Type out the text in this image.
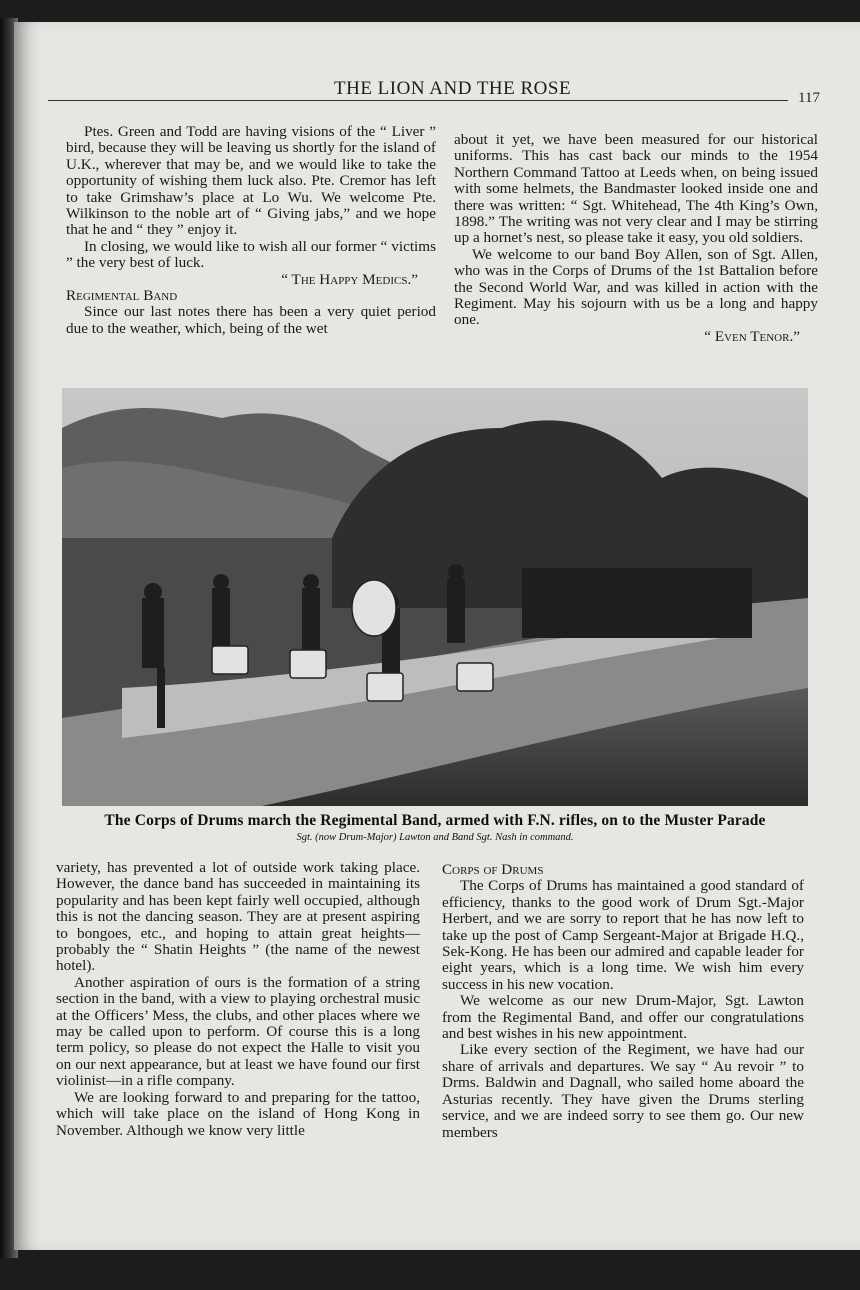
THE LION AND THE ROSE	117

Ptes. Green and Todd are having visions of the “ Liver ” bird, because they will be leaving us shortly for the island of U.K., wherever that may be, and we would like to take the opportunity of wishing them luck also. Pte. Cremor has left to take Grimshaw’s place at Lo Wu. We welcome Pte. Wilkinson to the noble art of “ Giving jabs,” and we hope that he and “ they ” enjoy it.

In closing, we would like to wish all our former “ victims ” the very best of luck.

“ The Happy Medics.”

Regimental Band

Since our last notes there has been a very quiet period due to the weather, which, being of the wet

about it yet, we have been measured for our historical uniforms. This has cast back our minds to the 1954 Northern Command Tattoo at Leeds when, on being issued with some helmets, the Bandmaster looked inside one and there was written: “ Sgt. Whitehead, The 4th King’s Own, 1898.” The writing was not very clear and I may be stirring up a hornet’s nest, so please take it easy, you old soldiers.

We welcome to our band Boy Allen, son of Sgt. Allen, who was in the Corps of Drums of the 1st Battalion before the Second World War, and was killed in action with the Regiment. May his sojourn with us be a long and happy one.

“ Even Tenor.”

The Corps of Drums march the Regimental Band, armed with F.N. rifles, on to the Muster Parade
Sgt. (now Drum-Major) Lawton and Band Sgt. Nash in command.

variety, has prevented a lot of outside work taking place. However, the dance band has succeeded in maintaining its popularity and has been kept fairly well occupied, although this is not the dancing season. They are at present aspiring to bongoes, etc., and hoping to attain great heights—probably the “ Shatin Heights ” (the name of the newest hotel).

Another aspiration of ours is the formation of a string section in the band, with a view to playing orchestral music at the Officers’ Mess, the clubs, and other places where we may be called upon to perform. Of course this is a long term policy, so please do not expect the Halle to visit you on our next appearance, but at least we have found our first violinist—in a rifle company.

We are looking forward to and preparing for the tattoo, which will take place on the island of Hong Kong in November. Although we know very little

Corps of Drums

The Corps of Drums has maintained a good standard of efficiency, thanks to the good work of Drum Sgt.-Major Herbert, and we are sorry to report that he has now left to take up the post of Camp Sergeant-Major at Brigade H.Q., Sek-Kong. He has been our admired and capable leader for eight years, which is a long time. We wish him every success in his new vocation.

We welcome as our new Drum-Major, Sgt. Lawton from the Regimental Band, and offer our congratulations and best wishes in his new appointment.

Like every section of the Regiment, we have had our share of arrivals and departures. We say “ Au revoir ” to Drms. Baldwin and Dagnall, who sailed home aboard the Asturias recently. They have given the Drums sterling service, and we are indeed sorry to see them go. Our new members
